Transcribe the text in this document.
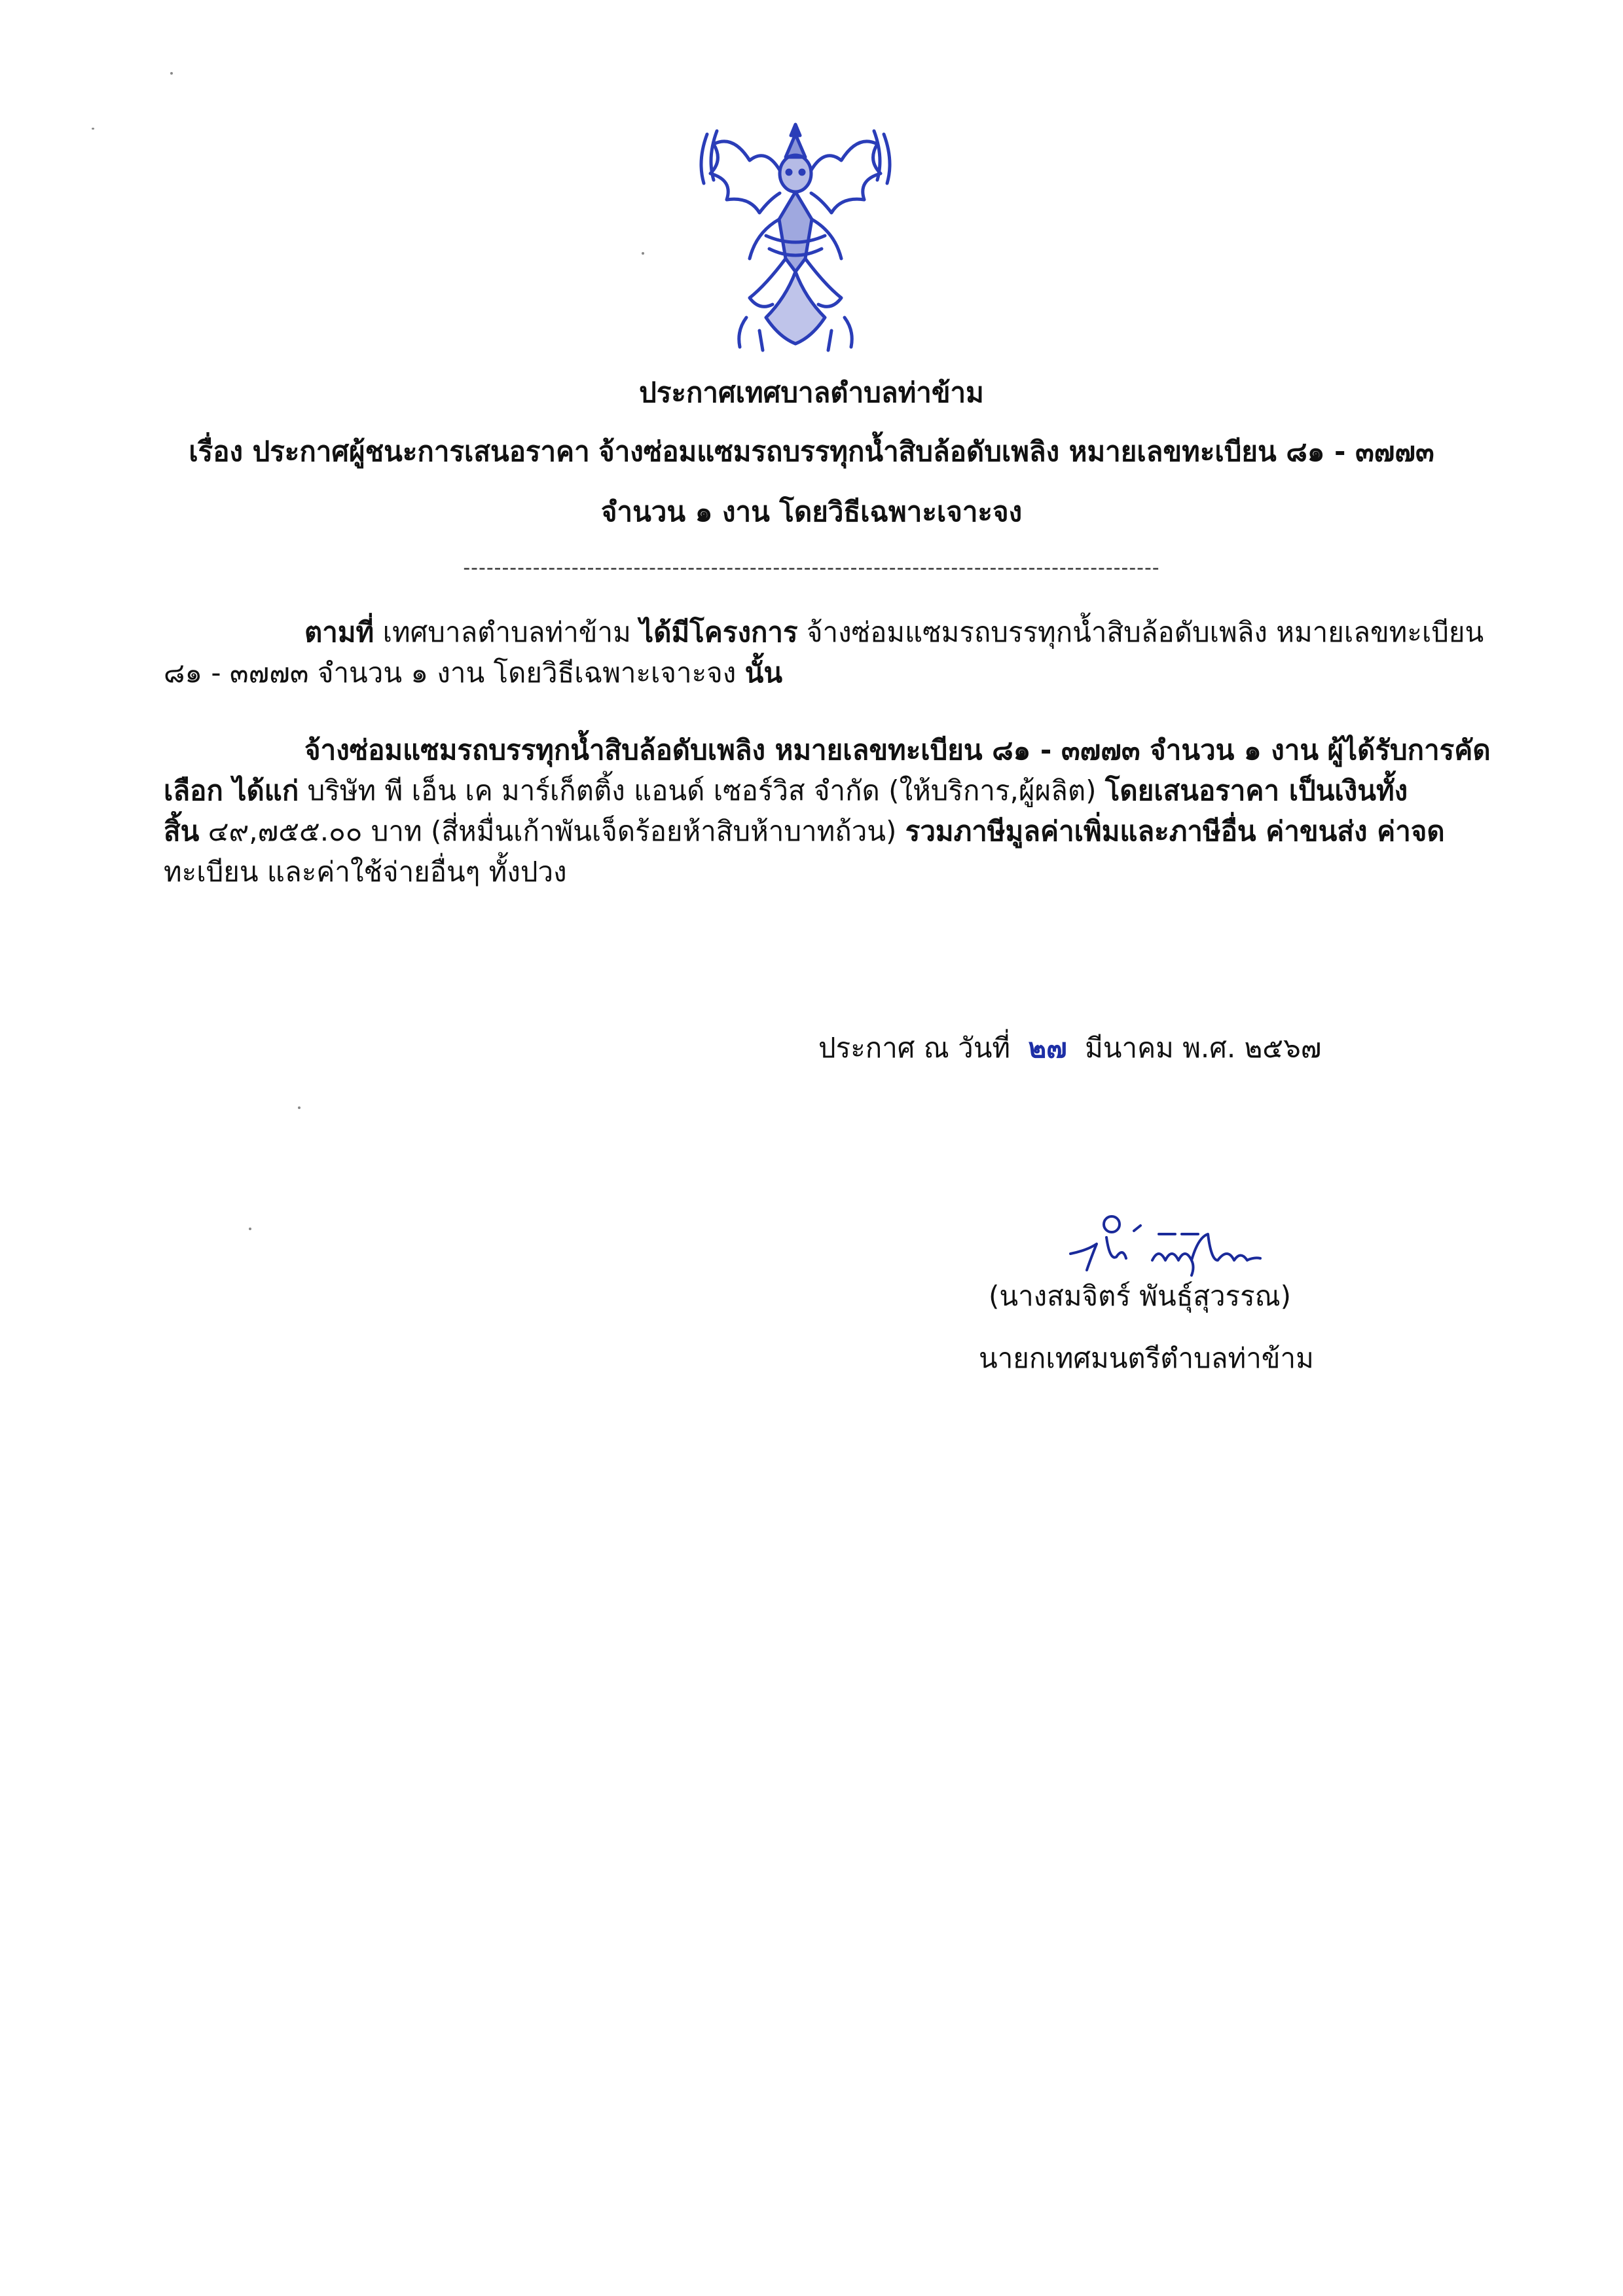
ประกาศเทศบาลตำบลท่าข้าม
เรื่อง ประกาศผู้ชนะการเสนอราคา จ้างซ่อมแซมรถบรรทุกน้ำสิบล้อดับเพลิง หมายเลขทะเบียน ๘๑ - ๓๗๗๓
จำนวน ๑ งาน โดยวิธีเฉพาะเจาะจง
------------------------------------------------------------------------------------------
ตามที่ เทศบาลตำบลท่าข้าม ได้มีโครงการ จ้างซ่อมแซมรถบรรทุกน้ำสิบล้อดับเพลิง หมายเลขทะเบียน
๘๑ - ๓๗๗๓ จำนวน ๑ งาน โดยวิธีเฉพาะเจาะจง นั้น
จ้างซ่อมแซมรถบรรทุกน้ำสิบล้อดับเพลิง หมายเลขทะเบียน ๘๑ - ๓๗๗๓ จำนวน ๑ งาน ผู้ได้รับการคัด
เลือก ได้แก่ บริษัท พี เอ็น เค มาร์เก็ตติ้ง แอนด์ เซอร์วิส จำกัด (ให้บริการ,ผู้ผลิต) โดยเสนอราคา เป็นเงินทั้ง
สิ้น ๔๙,๗๕๕.๐๐ บาท (สี่หมื่นเก้าพันเจ็ดร้อยห้าสิบห้าบาทถ้วน) รวมภาษีมูลค่าเพิ่มและภาษีอื่น ค่าขนส่ง ค่าจด
ทะเบียน และค่าใช้จ่ายอื่นๆ ทั้งปวง
ประกาศ ณ วันที่ ๒๗ มีนาคม พ.ศ. ๒๕๖๗
(นางสมจิตร์ พันธุ์สุวรรณ)
นายกเทศมนตรีตำบลท่าข้าม
